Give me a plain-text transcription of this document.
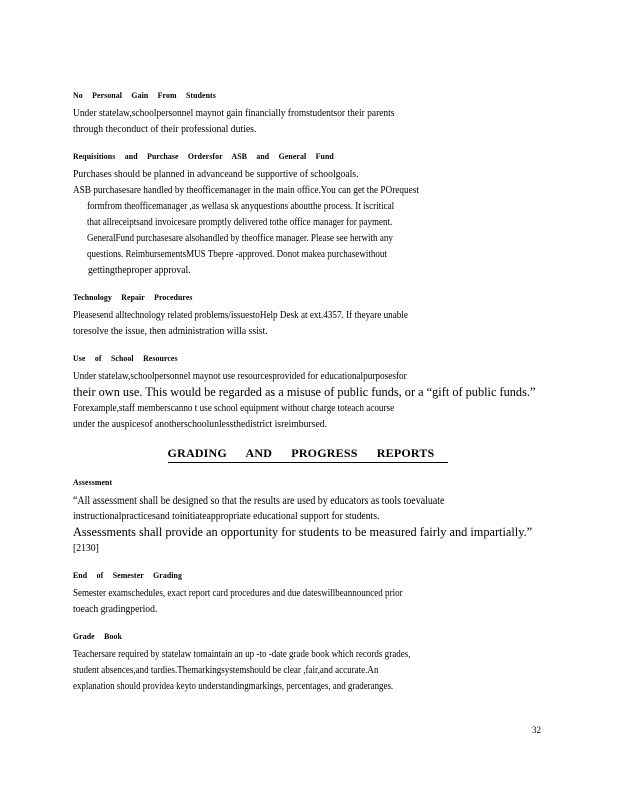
No Personal Gain From Students
Under statelaw,schoolpersonnel maynot gain financially fromstudentsor their parents
through theconduct of their professional duties.
Requisitions and Purchase Ordersfor ASB and General Fund
Purchases should be planned in advanceand be supportive of schoolgoals.
ASB purchasesare handled by theofficemanager in the main office.You can get the POrequest
formfrom theofficemanager ,as wellasa sk anyquestions aboutthe process. It iscritical
that allreceiptsand invoicesare promptly delivered tothe office manager for payment.
GeneralFund purchasesare alsohandled by theoffice manager. Please see herwith any
questions. ReimbursementsMUS Tbepre -approved. Donot makea purchasewithout
gettingtheproper approval.
Technology Repair Procedures
Pleasesend alltechnology related problems/issuestoHelp Desk at ext.4357. If theyare unable
toresolve the issue, then administration willa ssist.
Use of School Resources
Under statelaw,schoolpersonnel maynot use resourcesprovided for educationalpurposesfor
their own use. This would be regarded as a misuse of public funds, or a “gift of public funds.”
Forexample,staff memberscanno t use school equipment without charge toteach acourse
under the auspicesof anotherschoolunlessthedistrict isreimbursed.
GRADING AND PROGRESS REPORTS
Assessment
“All assessment shall be designed so that the results are used by educators as tools toevaluate
instructionalpracticesand toinitiateappropriate educational support for students.
Assessments shall provide an opportunity for students to be measured fairly and impartially.”
[2130]
End of Semester Grading
Semester examschedules, exact report card procedures and due dateswillbeannounced prior
toeach gradingperiod.
Grade Book
Teachersare required by statelaw tomaintain an up -to -date grade book which records grades,
student absences,and tardies.Themarkingsystemshould be clear ,fair,and accurate.An
explanation should providea keyto understandingmarkings, percentages, and graderanges.
32
